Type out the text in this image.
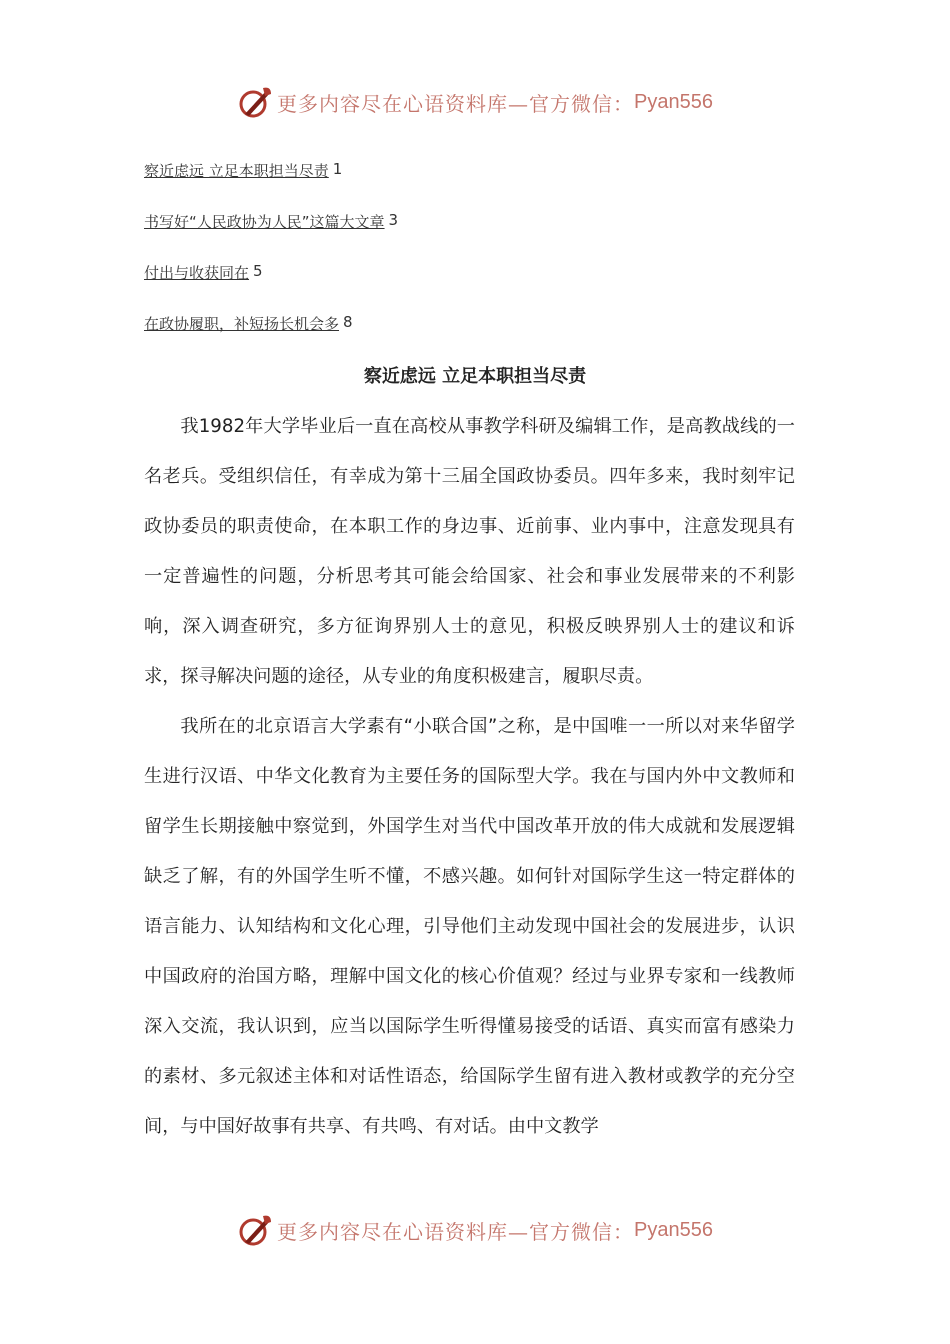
更多内容尽在心语资料库—官方微信： Pyan556
察近虑远 立足本职担当尽责 1
书写好“人民政协为人民”这篇大文章 3
付出与收获同在 5
在政协履职，补短扬长机会多 8
察近虑远 立足本职担当尽责

我1982年大学毕业后一直在高校从事教学科研及编辑工作，是高教战线的一名老兵。受组织信任，有幸成为第十三届全国政协委员。四年多来，我时刻牢记政协委员的职责使命，在本职工作的身边事、近前事、业内事中，注意发现具有一定普遍性的问题，分析思考其可能会给国家、社会和事业发展带来的不利影响，深入调查研究，多方征询界别人士的意见，积极反映界别人士的建议和诉求，探寻解决问题的途径，从专业的角度积极建言，履职尽责。

我所在的北京语言大学素有“小联合国”之称，是中国唯一一所以对来华留学生进行汉语、中华文化教育为主要任务的国际型大学。我在与国内外中文教师和留学生长期接触中察觉到，外国学生对当代中国改革开放的伟大成就和发展逻辑缺乏了解，有的外国学生听不懂，不感兴趣。如何针对国际学生这一特定群体的语言能力、认知结构和文化心理，引导他们主动发现中国社会的发展进步，认识中国政府的治国方略，理解中国文化的核心价值观？经过与业界专家和一线教师深入交流，我认识到，应当以国际学生听得懂易接受的话语、真实而富有感染力的素材、多元叙述主体和对话性语态，给国际学生留有进入教材或教学的充分空间，与中国好故事有共享、有共鸣、有对话。由中文教学

更多内容尽在心语资料库—官方微信： Pyan556
